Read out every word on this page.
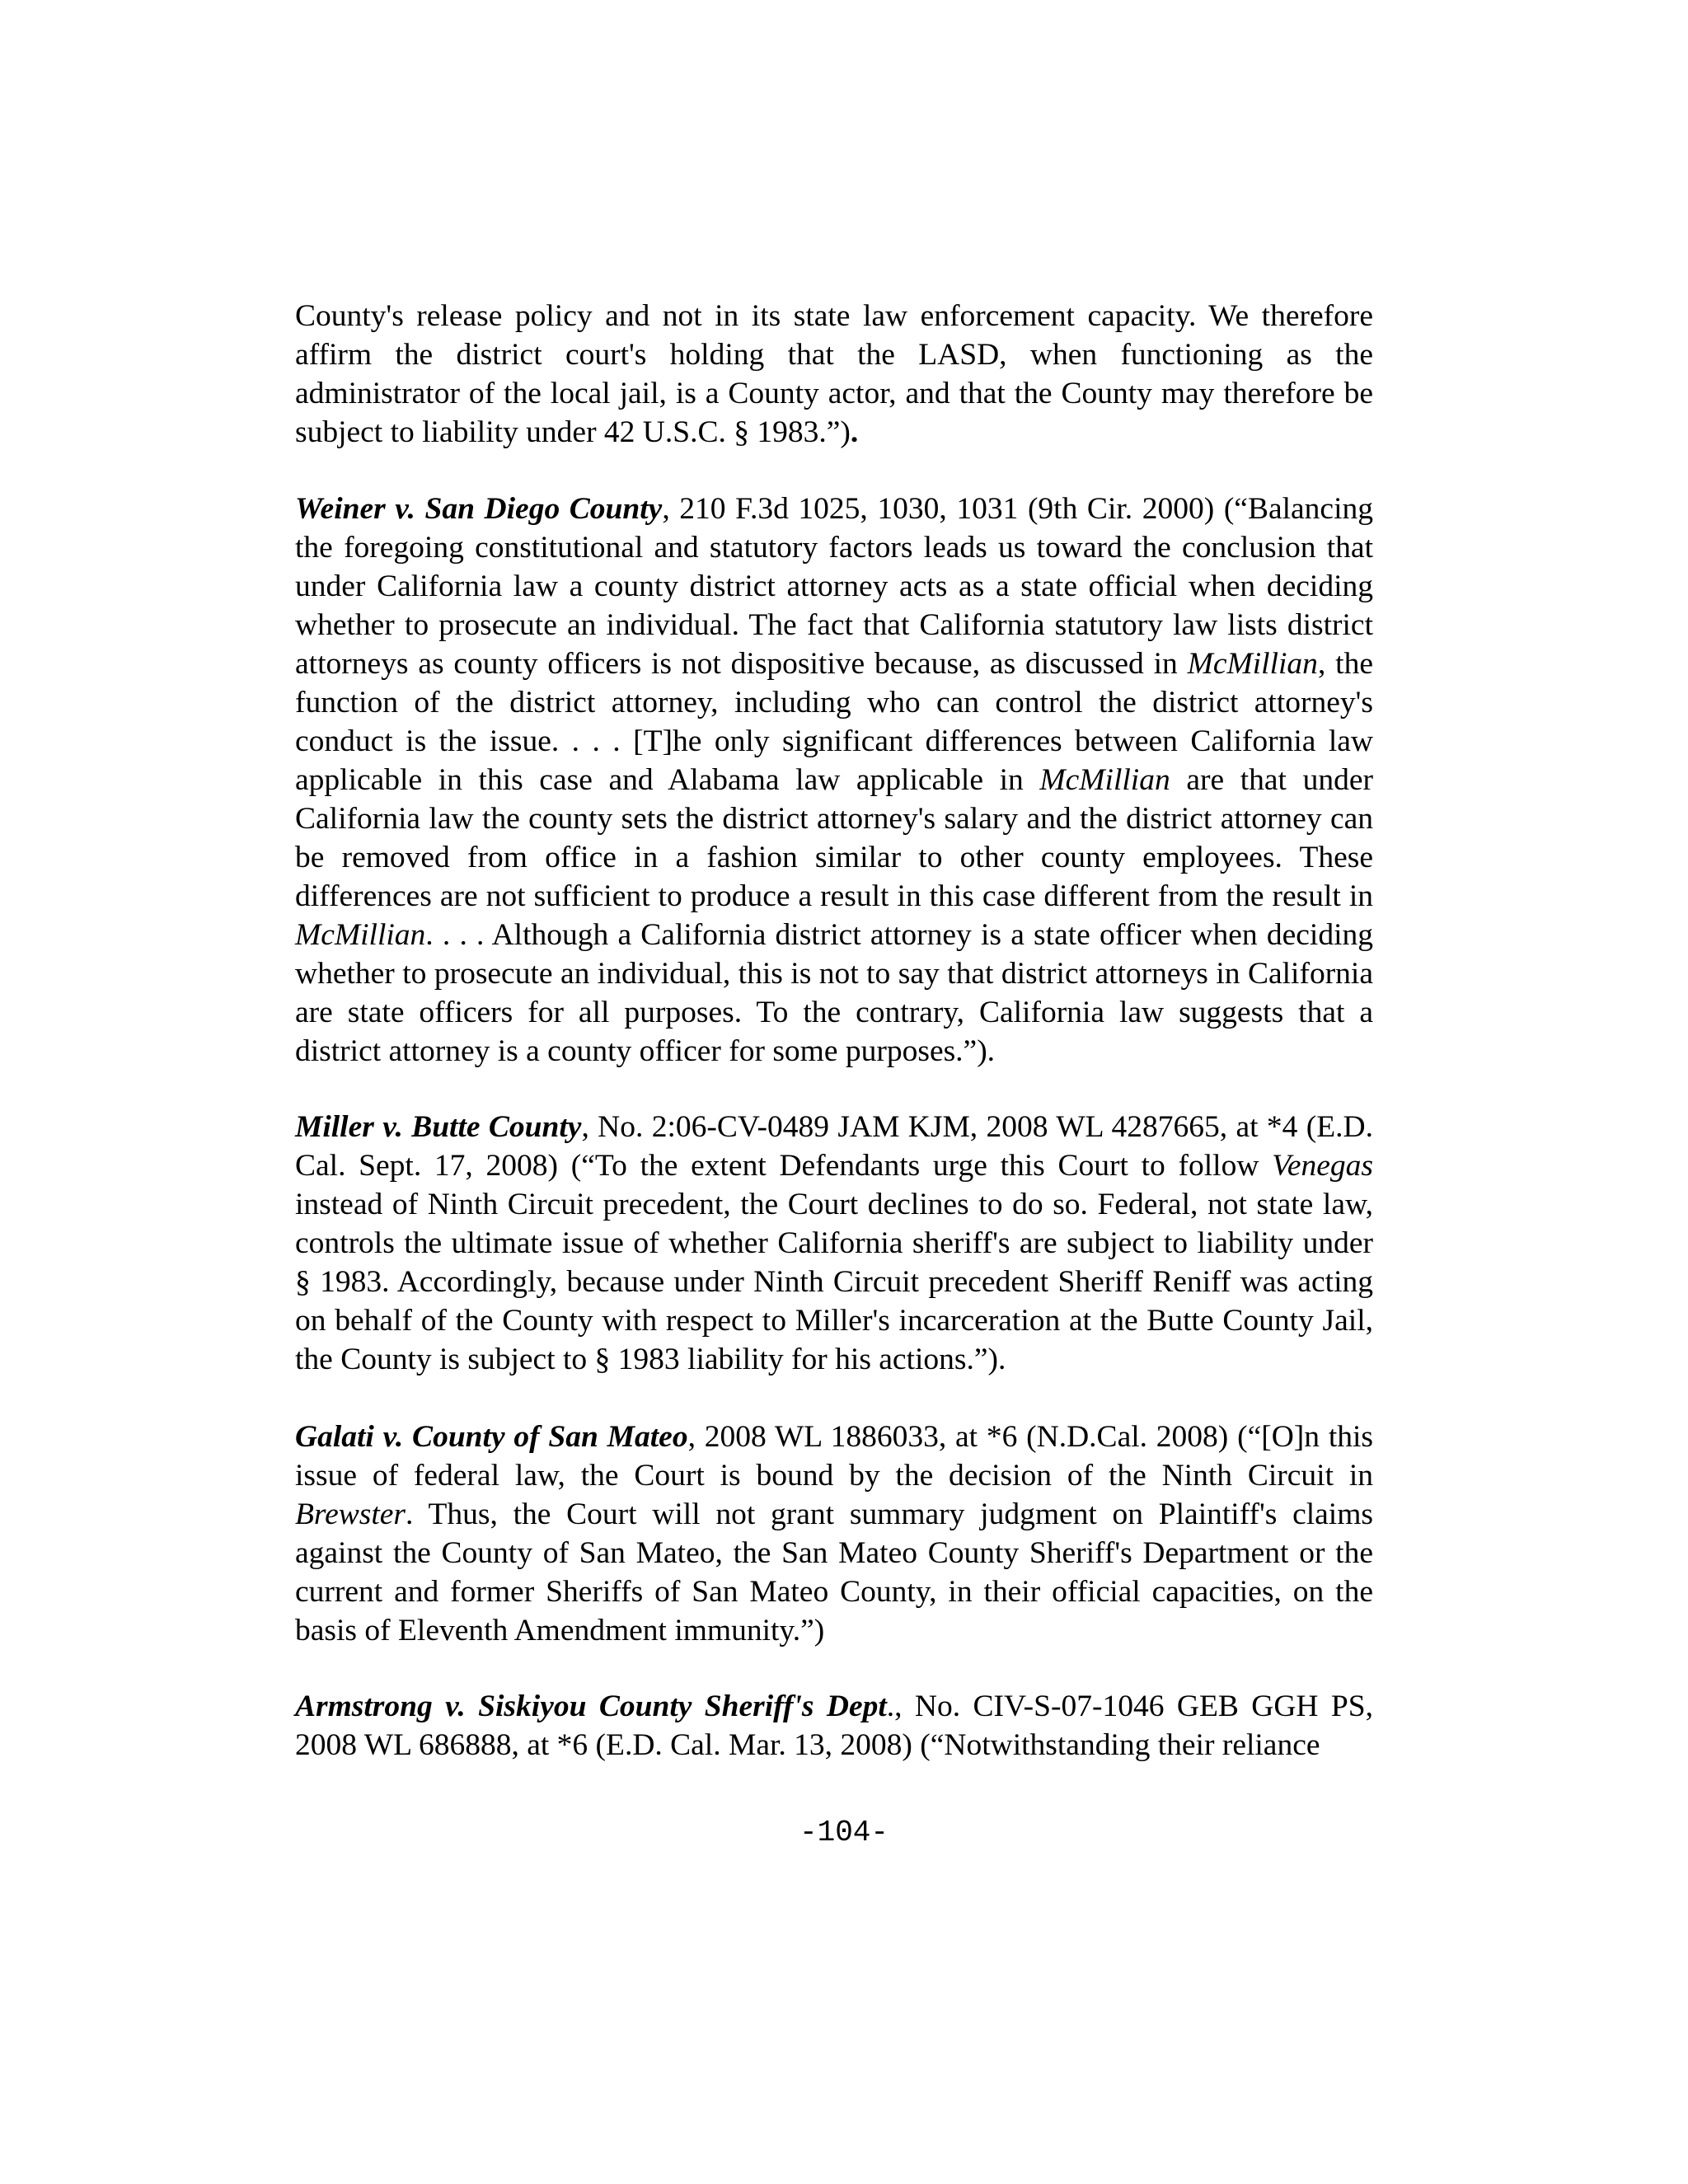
County's release policy and not in its state law enforcement capacity. We therefore affirm the district court's holding that the LASD, when functioning as the administrator of the local jail, is a County actor, and that the County may therefore be subject to liability under 42 U.S.C. § 1983.”).

Weiner v. San Diego County, 210 F.3d 1025, 1030, 1031 (9th Cir. 2000) (“Balancing the foregoing constitutional and statutory factors leads us toward the conclusion that under California law a county district attorney acts as a state official when deciding whether to prosecute an individual. The fact that California statutory law lists district attorneys as county officers is not dispositive because, as discussed in McMillian, the function of the district attorney, including who can control the district attorney's conduct is the issue. . . . [T]he only significant differences between California law applicable in this case and Alabama law applicable in McMillian are that under California law the county sets the district attorney's salary and the district attorney can be removed from office in a fashion similar to other county employees. These differences are not sufficient to produce a result in this case different from the result in McMillian. . . . Although a California district attorney is a state officer when deciding whether to prosecute an individual, this is not to say that district attorneys in California are state officers for all purposes. To the contrary, California law suggests that a district attorney is a county officer for some purposes.”).

Miller v. Butte County, No. 2:06-CV-0489 JAM KJM, 2008 WL 4287665, at *4 (E.D. Cal. Sept. 17, 2008) (“To the extent Defendants urge this Court to follow Venegas instead of Ninth Circuit precedent, the Court declines to do so. Federal, not state law, controls the ultimate issue of whether California sheriff's are subject to liability under § 1983. Accordingly, because under Ninth Circuit precedent Sheriff Reniff was acting on behalf of the County with respect to Miller's incarceration at the Butte County Jail, the County is subject to § 1983 liability for his actions.”).

Galati v. County of San Mateo, 2008 WL 1886033, at *6 (N.D.Cal. 2008) (“[O]n this issue of federal law, the Court is bound by the decision of the Ninth Circuit in Brewster. Thus, the Court will not grant summary judgment on Plaintiff's claims against the County of San Mateo, the San Mateo County Sheriff's Department or the current and former Sheriffs of San Mateo County, in their official capacities, on the basis of Eleventh Amendment immunity.”)

Armstrong v. Siskiyou County Sheriff's Dept., No. CIV-S-07-1046 GEB GGH PS, 2008 WL 686888, at *6 (E.D. Cal. Mar. 13, 2008) (“Notwithstanding their reliance

-104-
